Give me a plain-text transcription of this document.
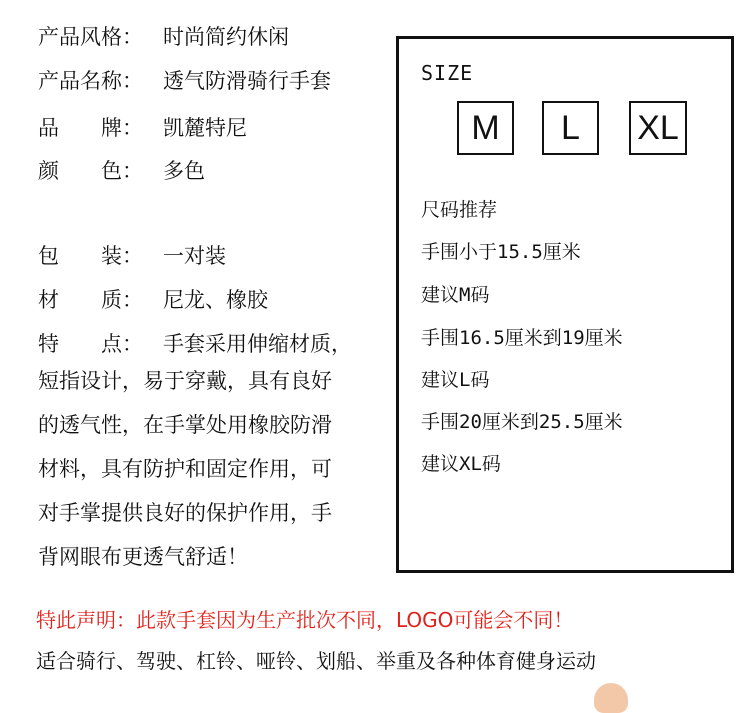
产品风格： 时尚简约休闲
产品名称： 透气防滑骑行手套
品　　牌： 凯麓特尼
颜　　色： 多色
包　　装： 一对装
材　　质： 尼龙、橡胶
特　　点： 手套采用伸缩材质，
短指设计，易于穿戴，具有良好
的透气性，在手掌处用橡胶防滑
材料，具有防护和固定作用，可
对手掌提供良好的保护作用，手
背网眼布更透气舒适！
SIZE
M	L	XL
尺码推荐
手围小于15.5厘米
建议M码
手围16.5厘米到19厘米
建议L码
手围20厘米到25.5厘米
建议XL码
特此声明：此款手套因为生产批次不同，LOGO可能会不同！
适合骑行、驾驶、杠铃、哑铃、划船、举重及各种体育健身运动
